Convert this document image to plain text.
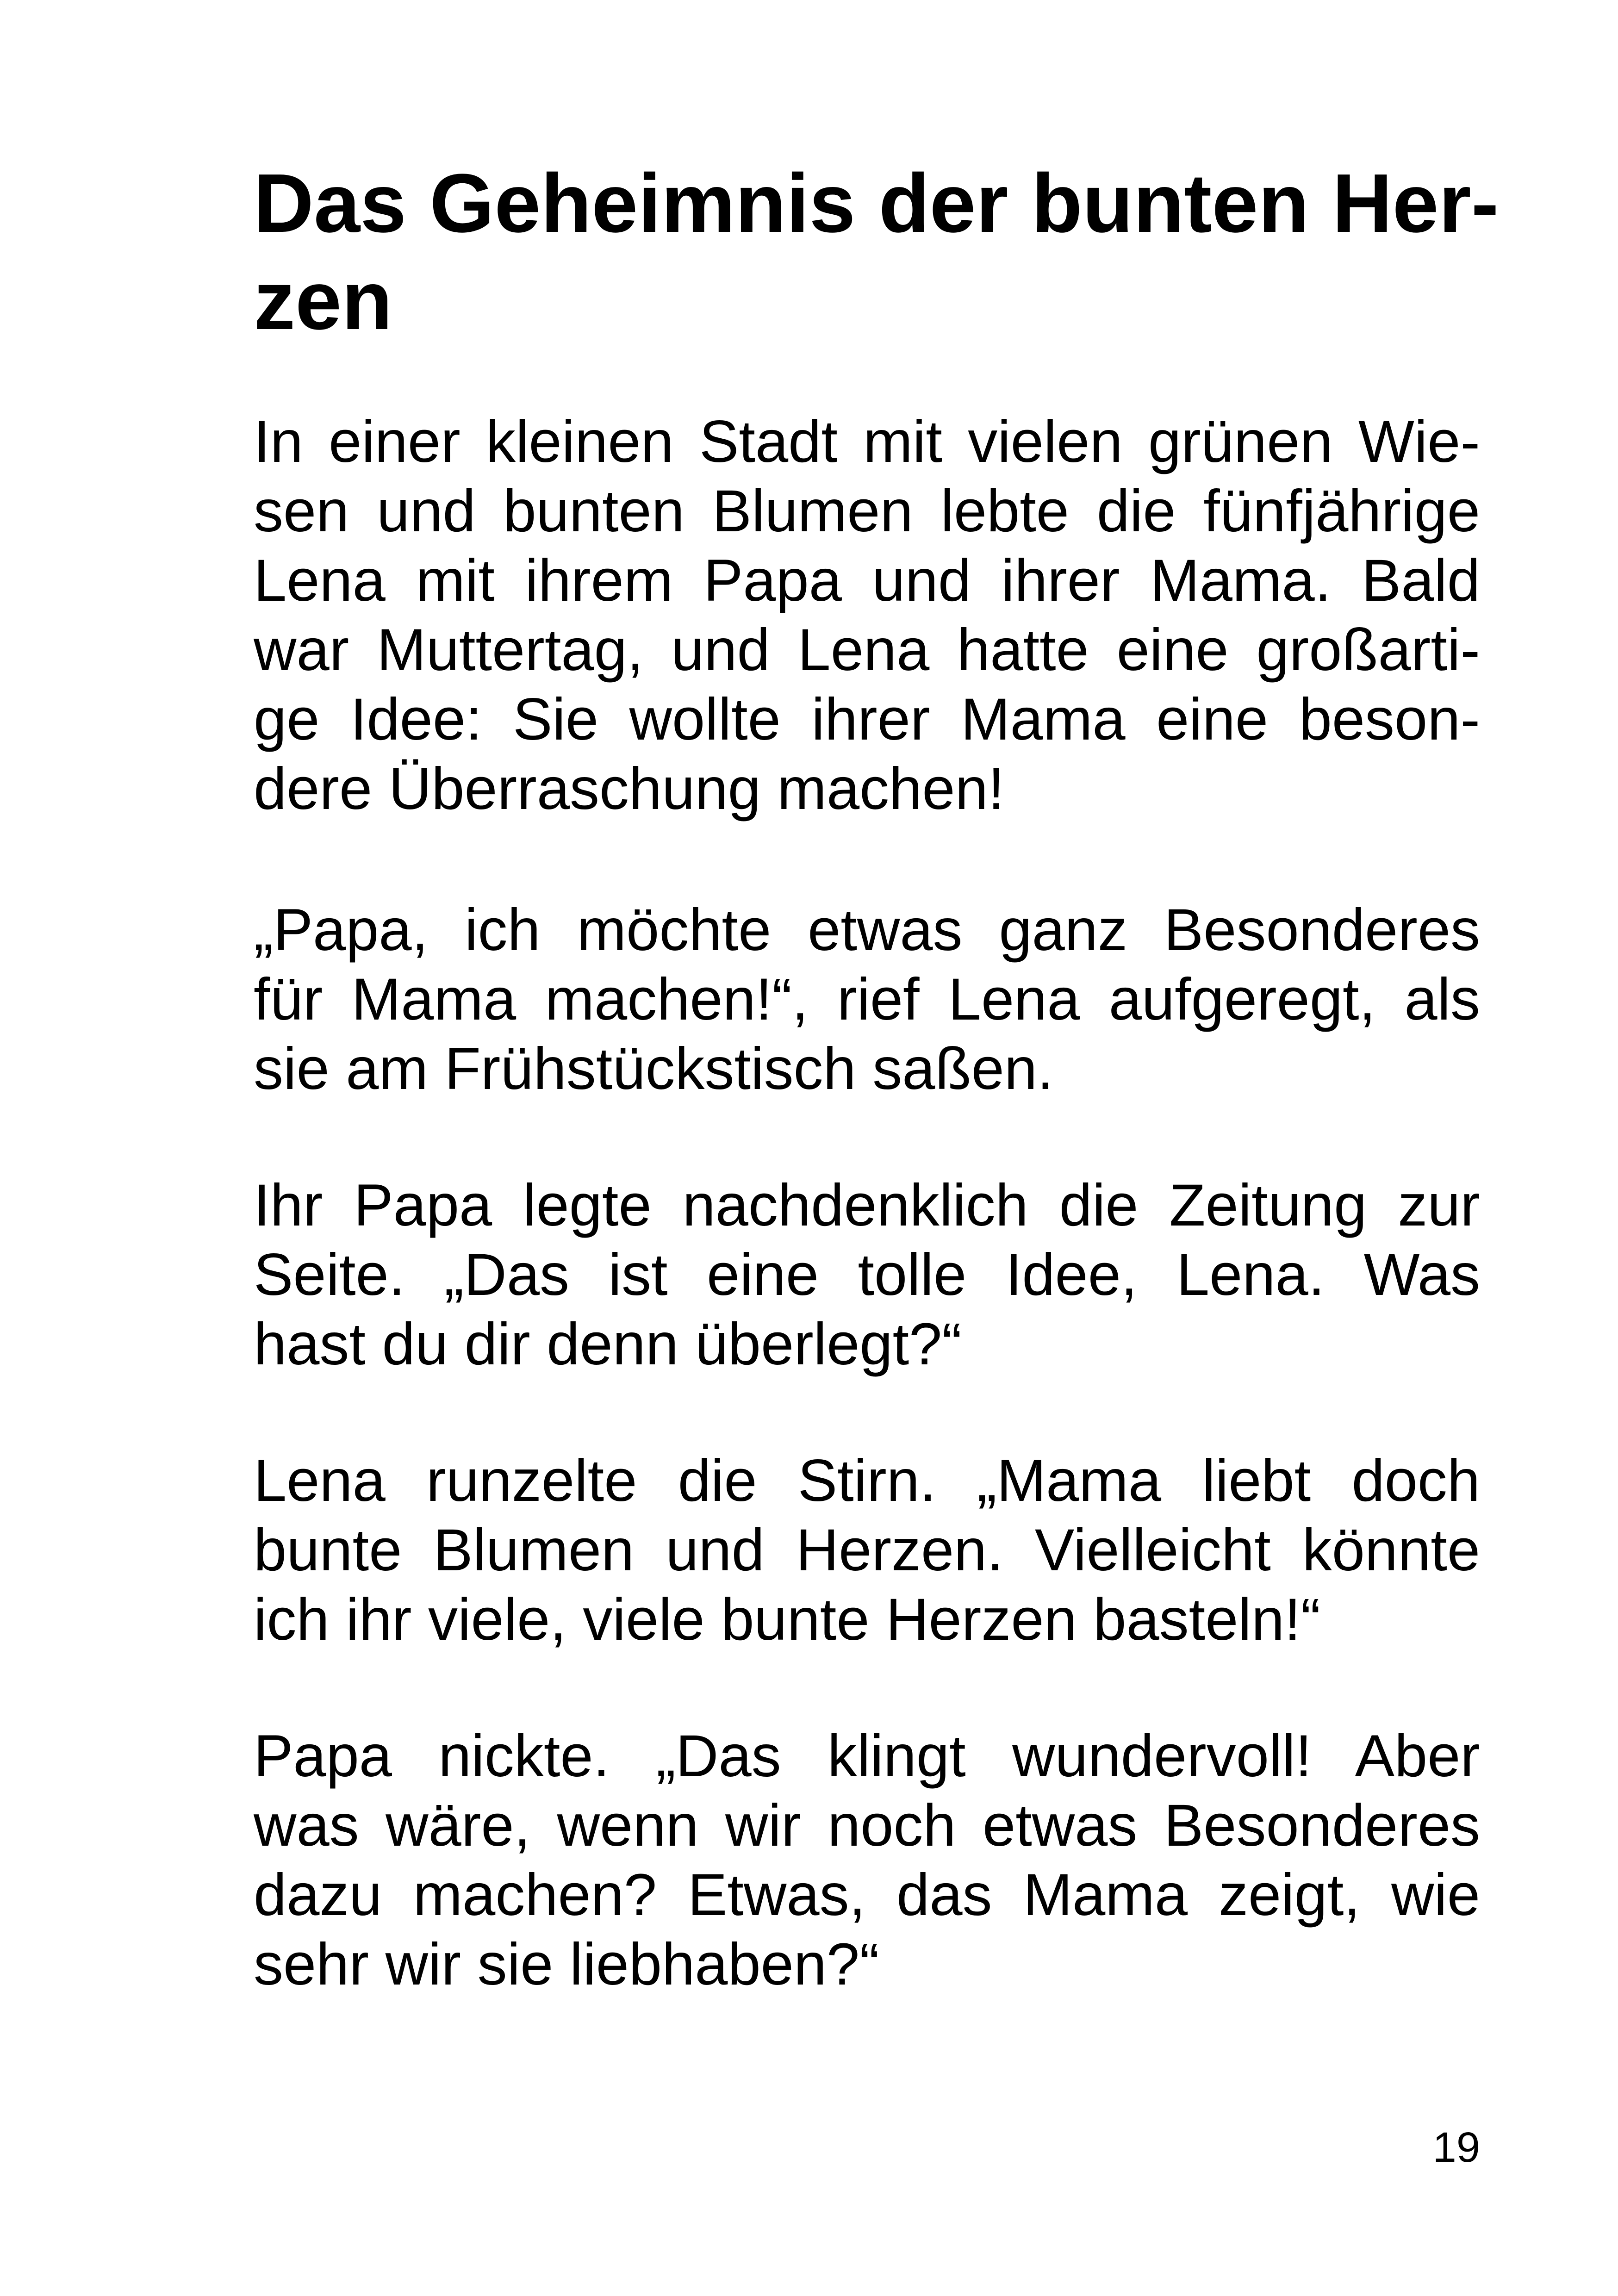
Das Geheimnis der bunten Her-
zen
In einer kleinen Stadt mit vielen grünen Wie-
sen und bunten Blumen lebte die fünfjährige
Lena mit ihrem Papa und ihrer Mama. Bald
war Muttertag, und Lena hatte eine großarti-
ge Idee: Sie wollte ihrer Mama eine beson-
dere Überraschung machen!
„Papa, ich möchte etwas ganz Besonderes
für Mama machen!“, rief Lena aufgeregt, als
sie am Frühstückstisch saßen.
Ihr Papa legte nachdenklich die Zeitung zur
Seite. „Das ist eine tolle Idee, Lena. Was
hast du dir denn überlegt?“
Lena runzelte die Stirn. „Mama liebt doch
bunte Blumen und Herzen. Vielleicht könnte
ich ihr viele, viele bunte Herzen basteln!“
Papa nickte. „Das klingt wundervoll! Aber
was wäre, wenn wir noch etwas Besonderes
dazu machen? Etwas, das Mama zeigt, wie
sehr wir sie liebhaben?“
19
